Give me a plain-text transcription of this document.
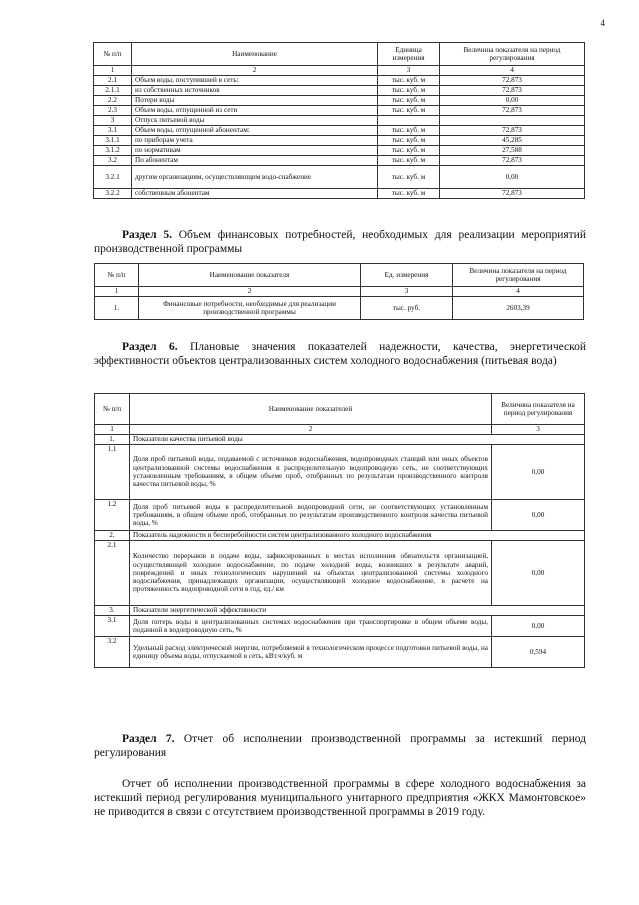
4
№ п/п	Наименование	Единица измерения	Величина показателя на период регулирования
1	2	3	4
2.1	Объем воды, поступившей в сеть:	тыс. куб. м	72,873
2.1.1	из собственных источников	тыс. куб. м	72,873
2.2	Потери воды	тыс. куб. м	0,00
2.3	Объем воды, отпущенной из сети	тыс. куб. м	72,873
3	Отпуск питьевой воды		
3.1	Объем воды, отпущенной абонентам:	тыс. куб. м	72,873
3.1.1	по приборам учета	тыс. куб. м	45,285
3.1.2	по нормативам	тыс. куб. м	27,588
3.2	По абонентам	тыс. куб. м	72,873
3.2.1	другим организациям, осуществляющим водо-снабжение	тыс. куб. м	0,00
3.2.2	собственным абонентам	тыс. куб. м	72,873
Раздел 5. Объем финансовых потребностей, необходимых для реализации мероприятий производственной программы
№ п/п	Наименование показателя	Ед. измерения	Величина показателя на период регулирования
1	2	3	4
1.	Финансовые потребности, необходимые для реализации производственной программы	тыс. руб.	2603,39
Раздел 6. Плановые значения показателей надежности, качества, энергетической эффективности объектов централизованных систем холодного водоснабжения (питьевая вода)
№ п/п	Наименование показателей	Величина показателя на период регулирования
1	2	3
1.	Показатели качества питьевой воды	
1.1	Доля проб питьевой воды, подаваемой с источников водоснабжения, водопроводных станций или иных объектов централизованной системы водоснабжения в распределительную водопроводную сеть, не соответствующих установленным требованиям, в общем объеме проб, отобранных по результатам производственного контроля качества питьевой воды, %	0,00
1.2	Доля проб питьевой воды в распределительной водопроводной сети, не соответствующих установленным требованиям, в общем объеме проб, отобранных по результатам производственного контроля качества питьевой воды, %	0,00
2.	Показатель надежности и бесперебойности систем централизованного холодного водоснабжения	
2.1	Количество перерывов в подаче воды, зафиксированных в местах исполнения обязательств организацией, осуществляющей холодное водоснабжение, по подаче холодной воды, возникших в результате аварий, повреждений и иных технологических нарушений на объектах централизованной системы холодного водоснабжения, принадлежащих организации, осуществляющей холодное водоснабжение, в расчете на протяженность водопроводной сети в год, ед./ км	0,00
3.	Показатели энергетической эффективности	
3.1	Доля потерь воды в централизованных системах водоснабжения при транспортировке в общем объеме воды, поданной в водопроводную сеть, %	0,00
3.2	Удельный расход электрической энергии, потребляемой в технологическом процессе подготовки питьевой воды, на единицу объема воды, отпускаемой в сеть, кВт.ч/куб. м	0,594
Раздел 7. Отчет об исполнении производственной программы за истекший период регулирования
Отчет об исполнении производственной программы в сфере холодного водоснабжения за истекший период регулирования муниципального унитарного предприятия «ЖКХ Мамонтовское» не приводится в связи с отсутствием производственной программы в 2019 году.
